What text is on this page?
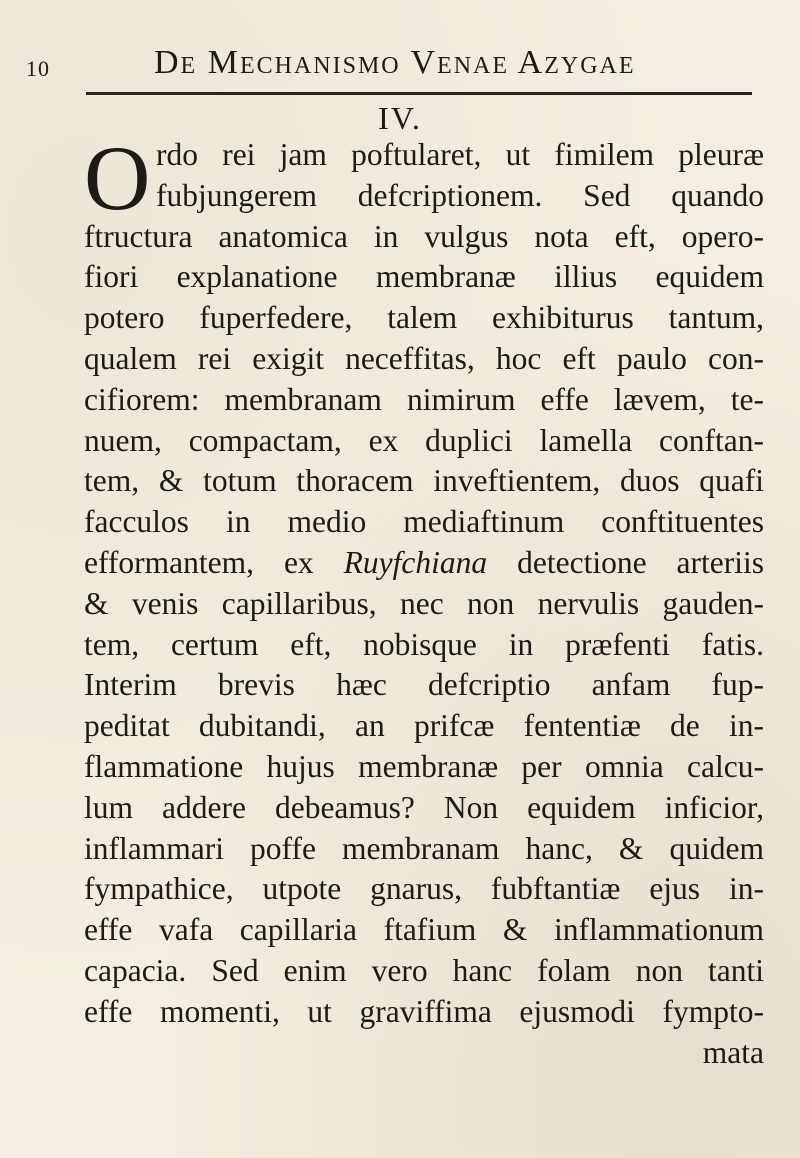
10	De Mechanismo Venae Azygae
IV.
O rdo rei jam poftularet, ut fimilem pleuræ
fubjungerem defcriptionem. Sed quando
ftructura anatomica in vulgus nota eft, opero-
fiori explanatione membranæ illius equidem
potero fuperfedere, talem exhibiturus tantum,
qualem rei exigit neceffitas, hoc eft paulo con-
cifiorem: membranam nimirum effe lævem, te-
nuem, compactam, ex duplici lamella conftan-
tem, & totum thoracem inveftientem, duos quafi
facculos in medio mediaftinum conftituentes
efformantem, ex Ruyfchiana detectione arteriis
& venis capillaribus, nec non nervulis gauden-
tem, certum eft, nobisque in præfenti fatis.
Interim brevis hæc defcriptio anfam fup-
peditat dubitandi, an prifcæ fententiæ de in-
flammatione hujus membranæ per omnia calcu-
lum addere debeamus? Non equidem inficior,
inflammari poffe membranam hanc, & quidem
fympathice, utpote gnarus, fubftantiæ ejus in-
effe vafa capillaria ftafium & inflammationum
capacia. Sed enim vero hanc folam non tanti
effe momenti, ut graviffima ejusmodi fympto-
mata
